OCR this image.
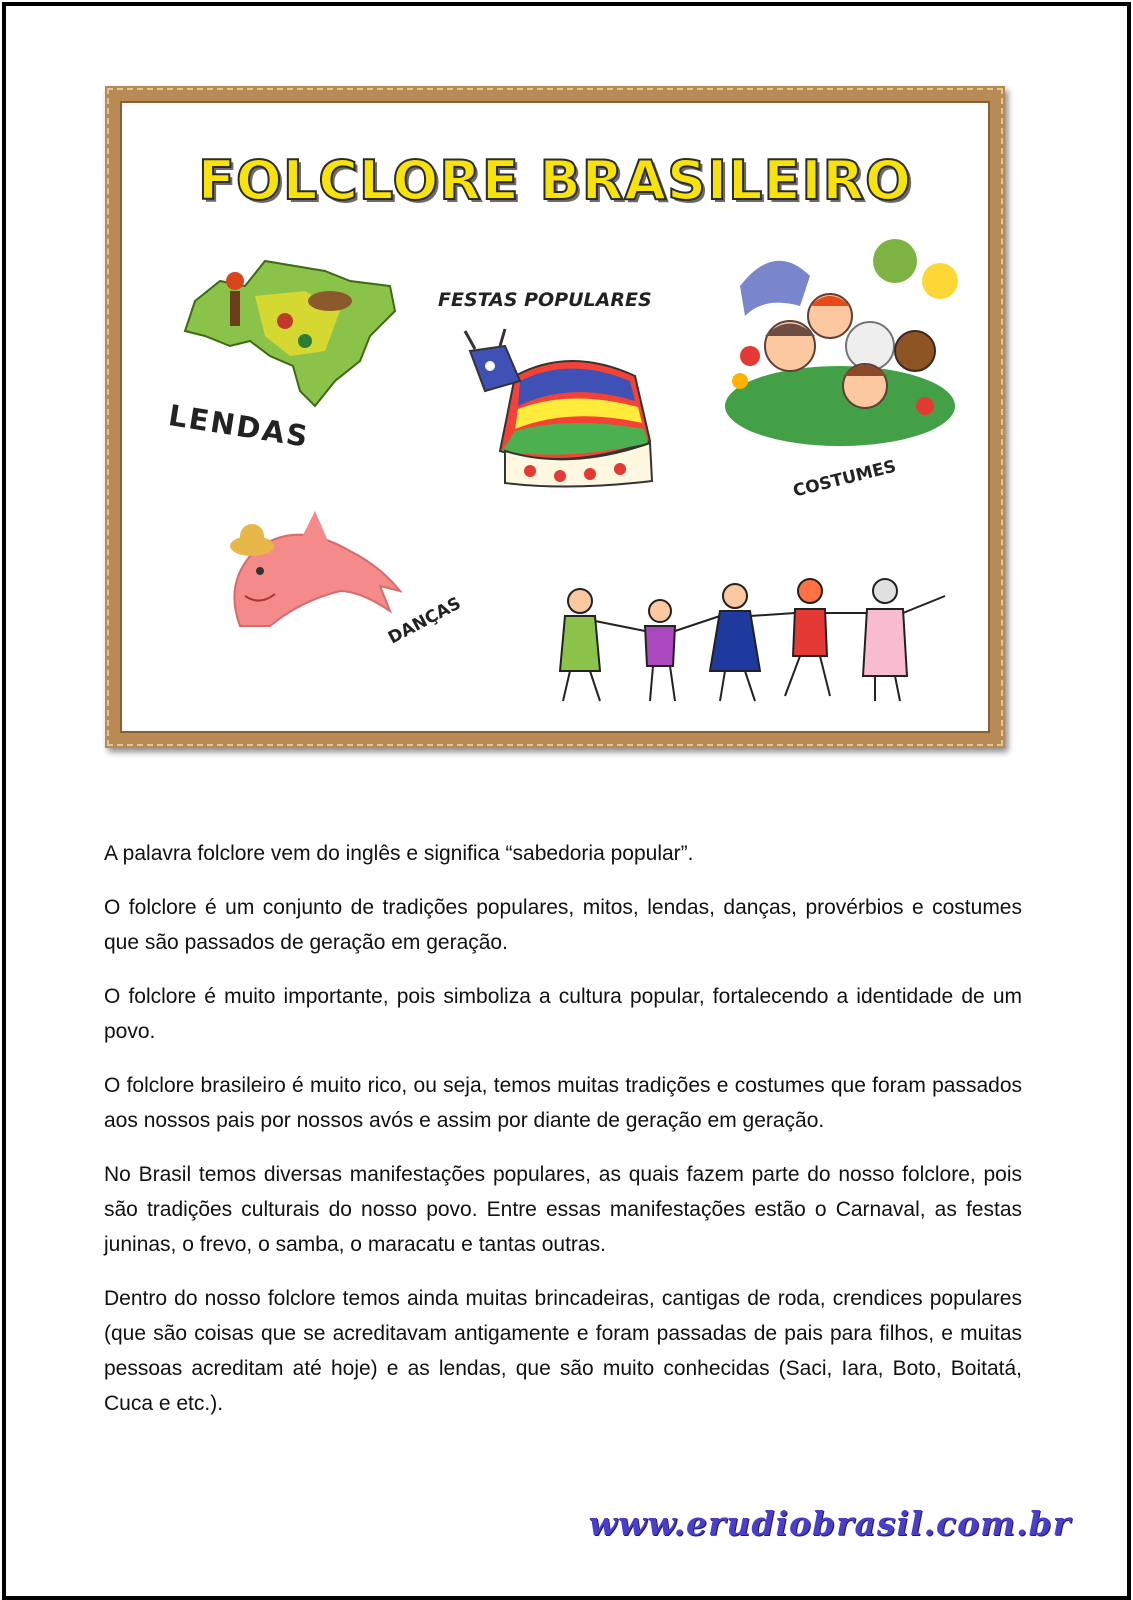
FOLCLORE BRASILEIRO
LENDAS
FESTAS POPULARES
COSTUMES
DANÇAS

A palavra folclore vem do inglês e significa “sabedoria popular”.

O folclore é um conjunto de tradições populares, mitos, lendas, danças, provérbios e costumes que são passados de geração em geração.

O folclore é muito importante, pois simboliza a cultura popular, fortalecendo a identidade de um povo.

O folclore brasileiro é muito rico, ou seja, temos muitas tradições e costumes que foram passados aos nossos pais por nossos avós e assim por diante de geração em geração.

No Brasil temos diversas manifestações populares, as quais fazem parte do nosso folclore, pois são tradições culturais do nosso povo. Entre essas manifestações estão o Carnaval, as festas juninas, o frevo, o samba, o maracatu e tantas outras.

Dentro do nosso folclore temos ainda muitas brincadeiras, cantigas de roda, crendices populares (que são coisas que se acreditavam antigamente e foram passadas de pais para filhos, e muitas pessoas acreditam até hoje) e as lendas, que são muito conhecidas (Saci, Iara, Boto, Boitatá, Cuca e etc.).

www.erudiobrasil.com.br
